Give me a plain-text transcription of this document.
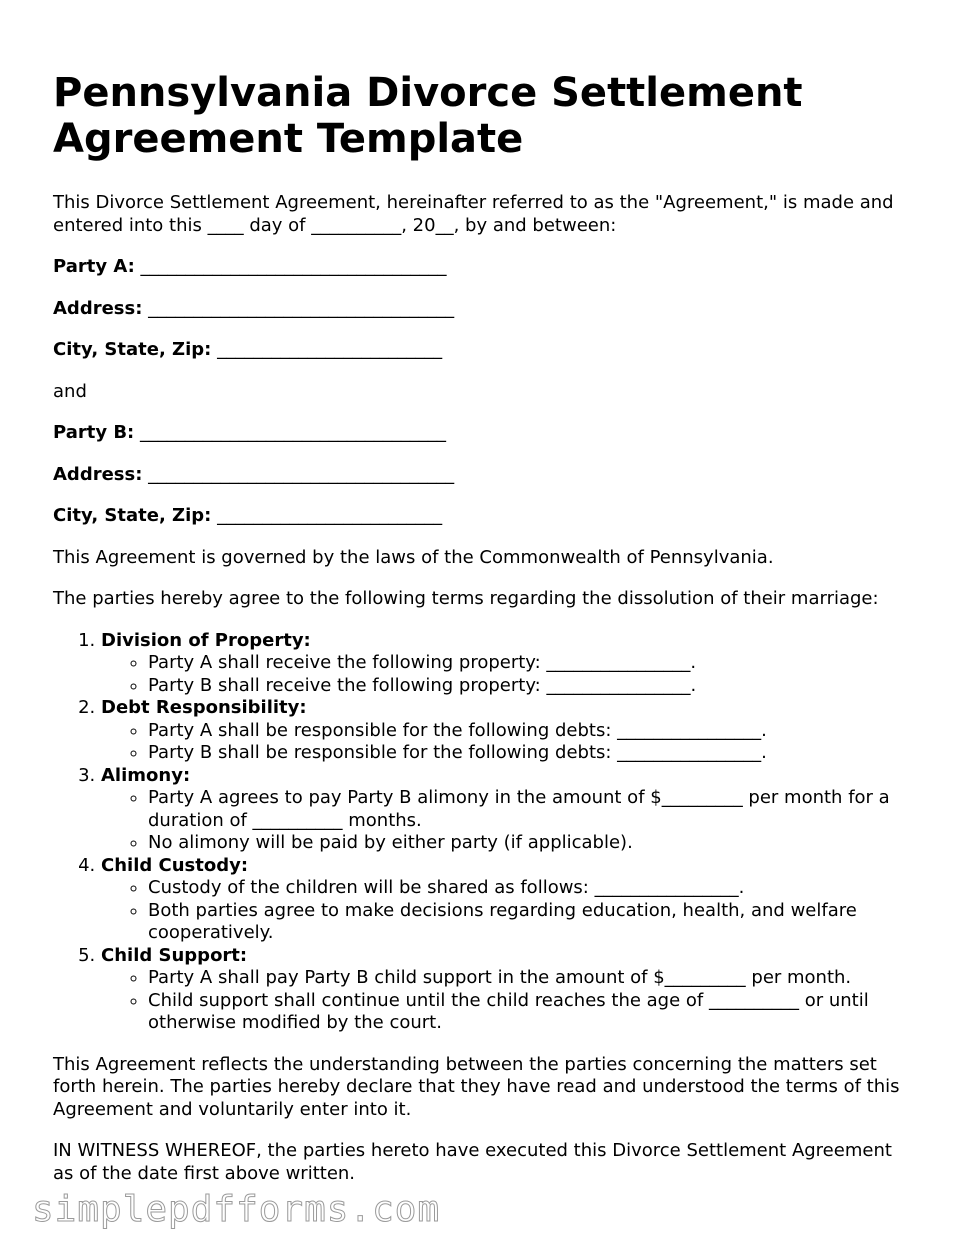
Pennsylvania Divorce Settlement Agreement Template

This Divorce Settlement Agreement, hereinafter referred to as the "Agreement," is made and entered into this ____ day of __________, 20__, by and between:

Party A: __________________________________

Address: __________________________________

City, State, Zip: _________________________

and

Party B: __________________________________

Address: __________________________________

City, State, Zip: _________________________

This Agreement is governed by the laws of the Commonwealth of Pennsylvania.

The parties hereby agree to the following terms regarding the dissolution of their marriage:

1. Division of Property:
◦ Party A shall receive the following property: ________________.
◦ Party B shall receive the following property: ________________.
2. Debt Responsibility:
◦ Party A shall be responsible for the following debts: ________________.
◦ Party B shall be responsible for the following debts: ________________.
3. Alimony:
◦ Party A agrees to pay Party B alimony in the amount of $_________ per month for a duration of __________ months.
◦ No alimony will be paid by either party (if applicable).
4. Child Custody:
◦ Custody of the children will be shared as follows: ________________.
◦ Both parties agree to make decisions regarding education, health, and welfare cooperatively.
5. Child Support:
◦ Party A shall pay Party B child support in the amount of $_________ per month.
◦ Child support shall continue until the child reaches the age of __________ or until otherwise modified by the court.

This Agreement reflects the understanding between the parties concerning the matters set forth herein. The parties hereby declare that they have read and understood the terms of this Agreement and voluntarily enter into it.

IN WITNESS WHEREOF, the parties hereto have executed this Divorce Settlement Agreement as of the date first above written.

simplepdfforms.com
